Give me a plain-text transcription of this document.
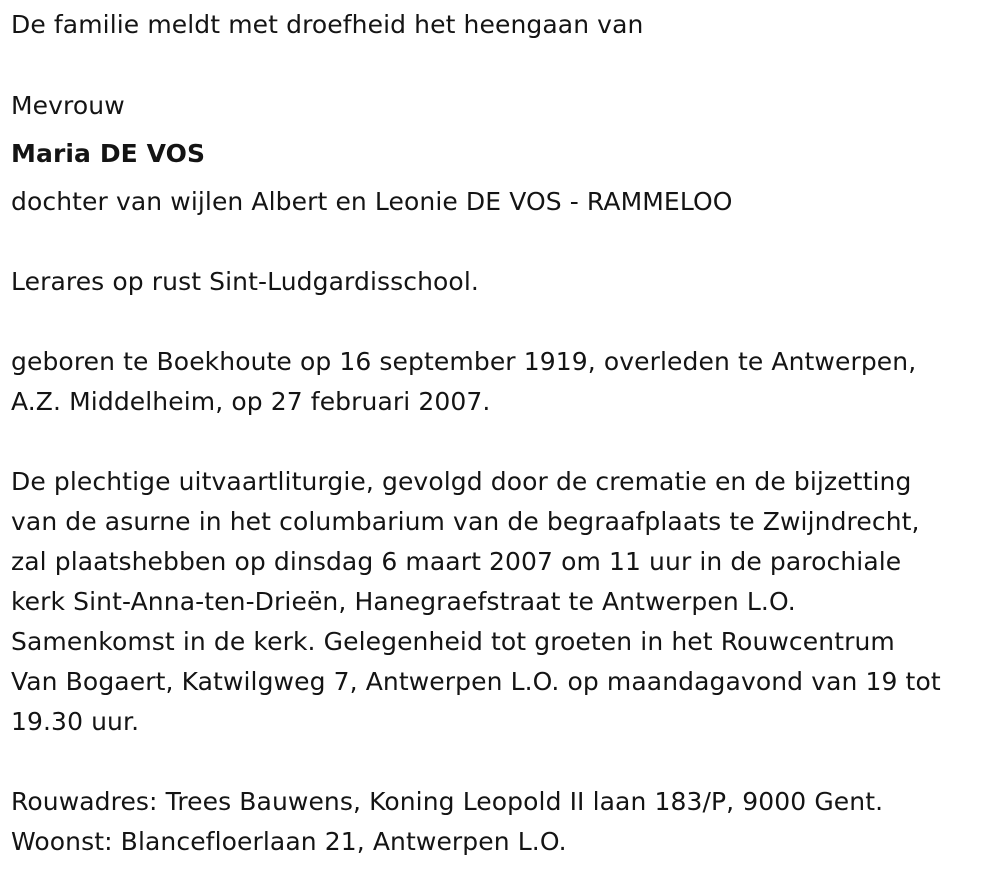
De familie meldt met droefheid het heengaan van
Mevrouw
Maria DE VOS
dochter van wijlen Albert en Leonie DE VOS - RAMMELOO
Lerares op rust Sint-Ludgardisschool.
geboren te Boekhoute op 16 september 1919, overleden te Antwerpen,
A.Z. Middelheim, op 27 februari 2007.
De plechtige uitvaartliturgie, gevolgd door de crematie en de bijzetting
van de asurne in het columbarium van de begraafplaats te Zwijndrecht,
zal plaatshebben op dinsdag 6 maart 2007 om 11 uur in de parochiale
kerk Sint-Anna-ten-Drieën, Hanegraefstraat te Antwerpen L.O.
Samenkomst in de kerk. Gelegenheid tot groeten in het Rouwcentrum
Van Bogaert, Katwilgweg 7, Antwerpen L.O. op maandagavond van 19 tot
19.30 uur.
Rouwadres: Trees Bauwens, Koning Leopold II laan 183/P, 9000 Gent.
Woonst: Blancefloerlaan 21, Antwerpen L.O.
